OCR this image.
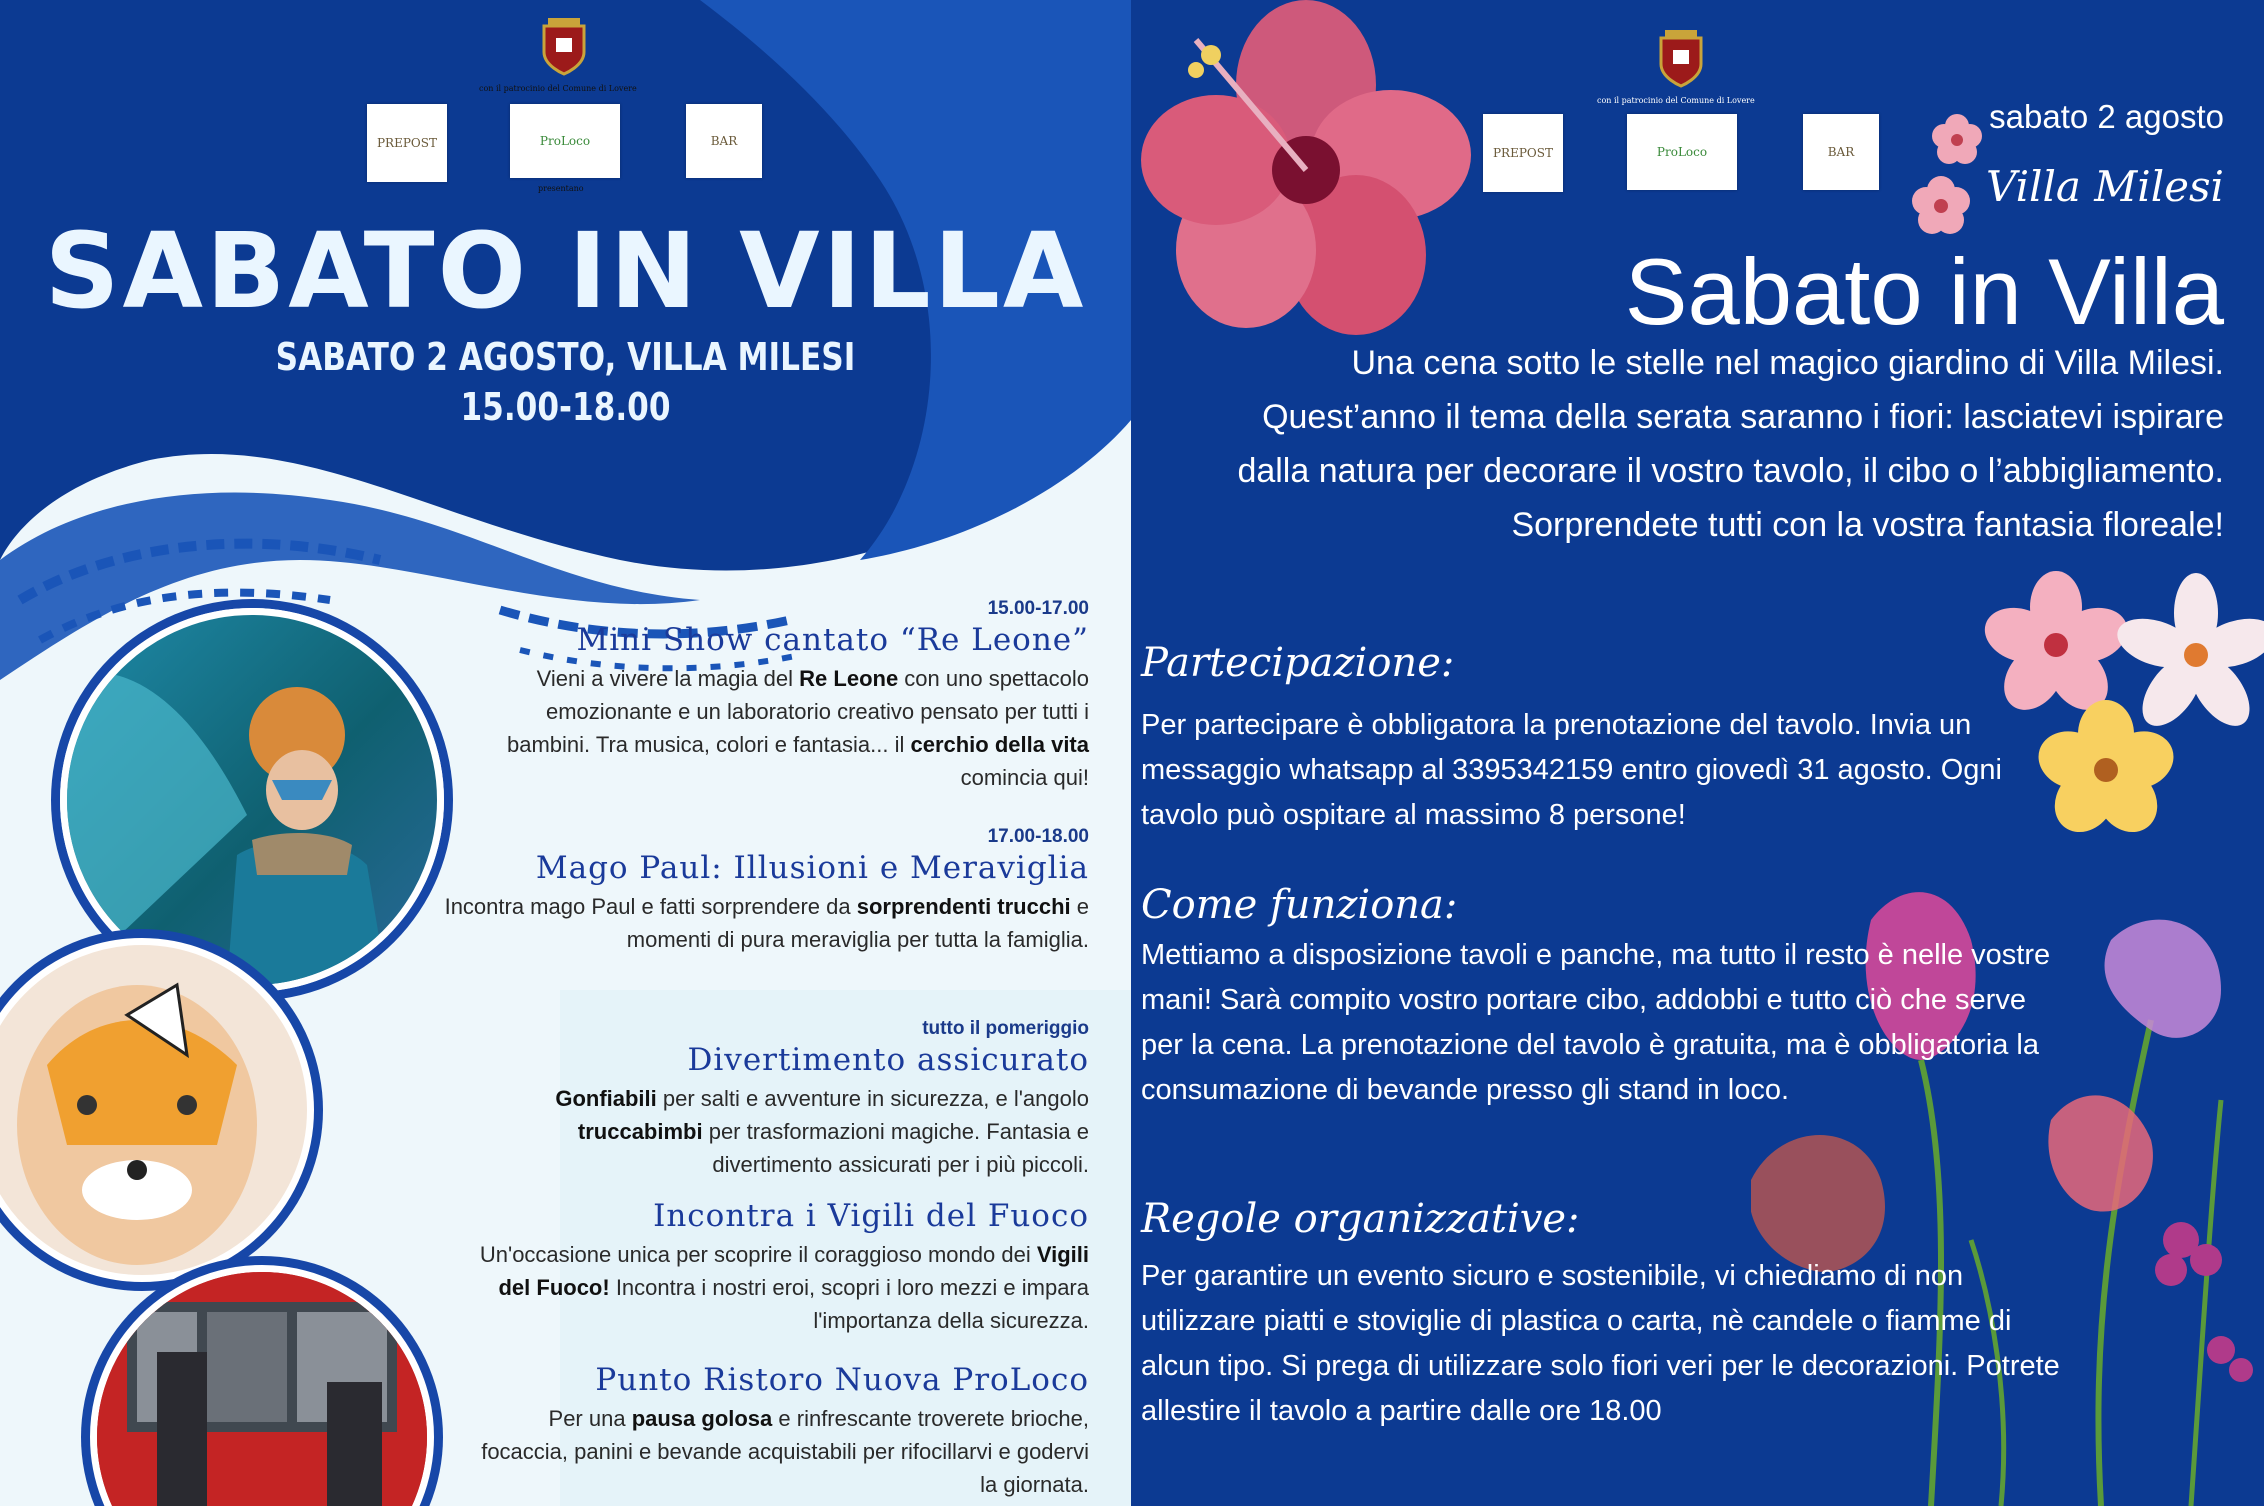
con il patrocinio del Comune di Lovere
PREPOST	ProLoco
presentano
BAR
SABATO IN VILLA
SABATO 2 AGOSTO, VILLA MILESI
15.00-18.00
15.00-17.00
Mini Show cantato “Re Leone”
Vieni a vivere la magia del Re Leone con uno spettacolo emozionante e un laboratorio creativo pensato per tutti i bambini. Tra musica, colori e fantasia... il cerchio della vita comincia qui!
17.00-18.00
Mago Paul: Illusioni e Meraviglia
Incontra mago Paul e fatti sorprendere da sorprendenti trucchi e momenti di pura meraviglia per tutta la famiglia.
tutto il pomeriggio
Divertimento assicurato
Gonfiabili per salti e avventure in sicurezza, e l'angolo truccabimbi per trasformazioni magiche. Fantasia e divertimento assicurati per i più piccoli.
Incontra i Vigili del Fuoco
Un'occasione unica per scoprire il coraggioso mondo dei Vigili del Fuoco! Incontra i nostri eroi, scopri i loro mezzi e impara l'importanza della sicurezza.
Punto Ristoro Nuova ProLoco
Per una pausa golosa e rinfrescante troverete brioche, focaccia, panini e bevande acquistabili per rifocillarvi e godervi la giornata.
con il patrocinio del Comune di Lovere
PREPOST	ProLoco	BAR
sabato 2 agosto
Villa Milesi
Sabato in Villa
Una cena sotto le stelle nel magico giardino di Villa Milesi.
Quest’anno il tema della serata saranno i fiori: lasciatevi ispirare
dalla natura per decorare il vostro tavolo, il cibo o l’abbigliamento.
Sorprendete tutti con la vostra fantasia floreale!
Partecipazione:
Per partecipare è obbligatora la prenotazione del tavolo. Invia un messaggio whatsapp al 3395342159 entro giovedì 31 agosto. Ogni tavolo può ospitare al massimo 8 persone!
Come funziona:
Mettiamo a disposizione tavoli e panche, ma tutto il resto è nelle vostre mani! Sarà compito vostro portare cibo, addobbi e tutto ciò che serve per la cena. La prenotazione del tavolo è gratuita, ma è obbligatoria la consumazione di bevande presso gli stand in loco.
Regole organizzative:
Per garantire un evento sicuro e sostenibile, vi chiediamo di non utilizzare piatti e stoviglie di plastica o carta, nè candele o fiamme di alcun tipo. Si prega di utilizzare solo fiori veri per le decorazioni. Potrete allestire il tavolo a partire dalle ore 18.00
